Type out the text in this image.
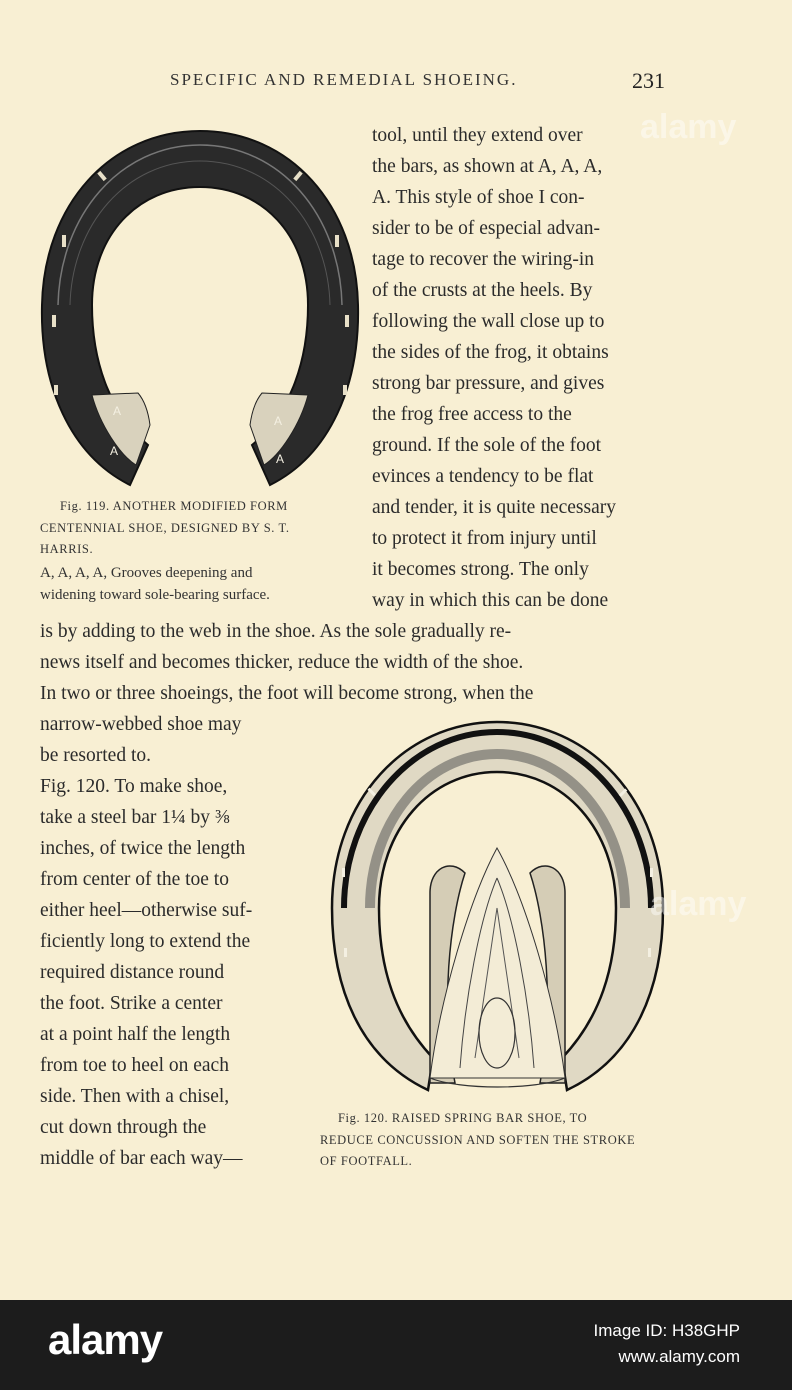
SPECIFIC AND REMEDIAL SHOEING.	231
A
A
A
A
tool, until they extend over
the bars, as shown at A, A, A,
A. This style of shoe I con-
sider to be of especial advan-
tage to recover the wiring-in
of the crusts at the heels. By
following the wall close up to
the sides of the frog, it obtains
strong bar pressure, and gives
the frog free access to the
ground. If the sole of the foot
evinces a tendency to be flat
and tender, it is quite necessary
to protect it from injury until
it becomes strong. The only
way in which this can be done
Fig. 119. ANOTHER MODIFIED FORM
CENTENNIAL SHOE, DESIGNED BY S. T.
HARRIS.
A, A, A, A, Grooves deepening and
widening toward sole-bearing surface.
is by adding to the web in the shoe. As the sole gradually re-
news itself and becomes thicker, reduce the width of the shoe.
In two or three shoeings, the foot will become strong, when the
narrow-webbed shoe may
be resorted to.
Fig. 120. To make shoe,
take a steel bar 1¼ by ⅜
inches, of twice the length
from center of the toe to
either heel—otherwise suf-
ficiently long to extend the
required distance round
the foot. Strike a center
at a point half the length
from toe to heel on each
side. Then with a chisel,
cut down through the
middle of bar each way—
Fig. 120. RAISED SPRING BAR SHOE, TO
REDUCE CONCUSSION AND SOFTEN THE STROKE
OF FOOTFALL.
alamy
alamy
alamy	Image ID: H38GHP
www.alamy.com
